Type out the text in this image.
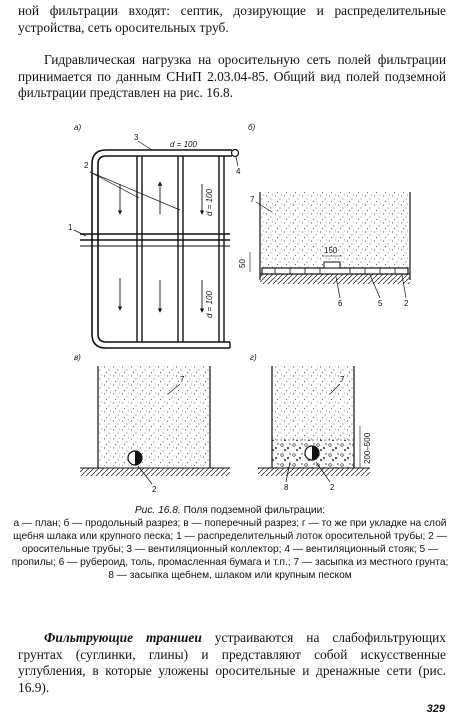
ной фильтрации входят: септик, дозирующие и распределительные устройства, сеть оросительных труб.

Гидравлическая нагрузка на оросительную сеть полей фильтрации принимается по данным СНиП 2.03.04-85. Общий вид полей подземной фильтрации представлен на рис. 16.8.

а)
d = 100
d = 100
d = 100
3
4
2
1
б)
150
50
7
6	5	2
в)
7
2
г)
200–500
7
8	2
Рис. 16.8. Поля подземной фильтрации:
а — план; б — продольный разрез; в — поперечный разрез; г — то же при укладке на слой щебня шлака или крупного песка; 1 — распределительный лоток оросительной трубы; 2 — оросительные трубы; 3 — вентиляционный коллектор; 4 — вентиляционный стояк; 5 — пропилы; 6 — рубероид, толь, промасленная бумага и т.п.; 7 — засыпка из местного грунта; 8 — засыпка щебнем, шлаком или крупным песком

Фильтрующие траншеи устраиваются на слабофильтрующих грунтах (суглинки, глины) и представляют собой искусственные углубления, в которые уложены оросительные и дренажные сети (рис. 16.9).

329
